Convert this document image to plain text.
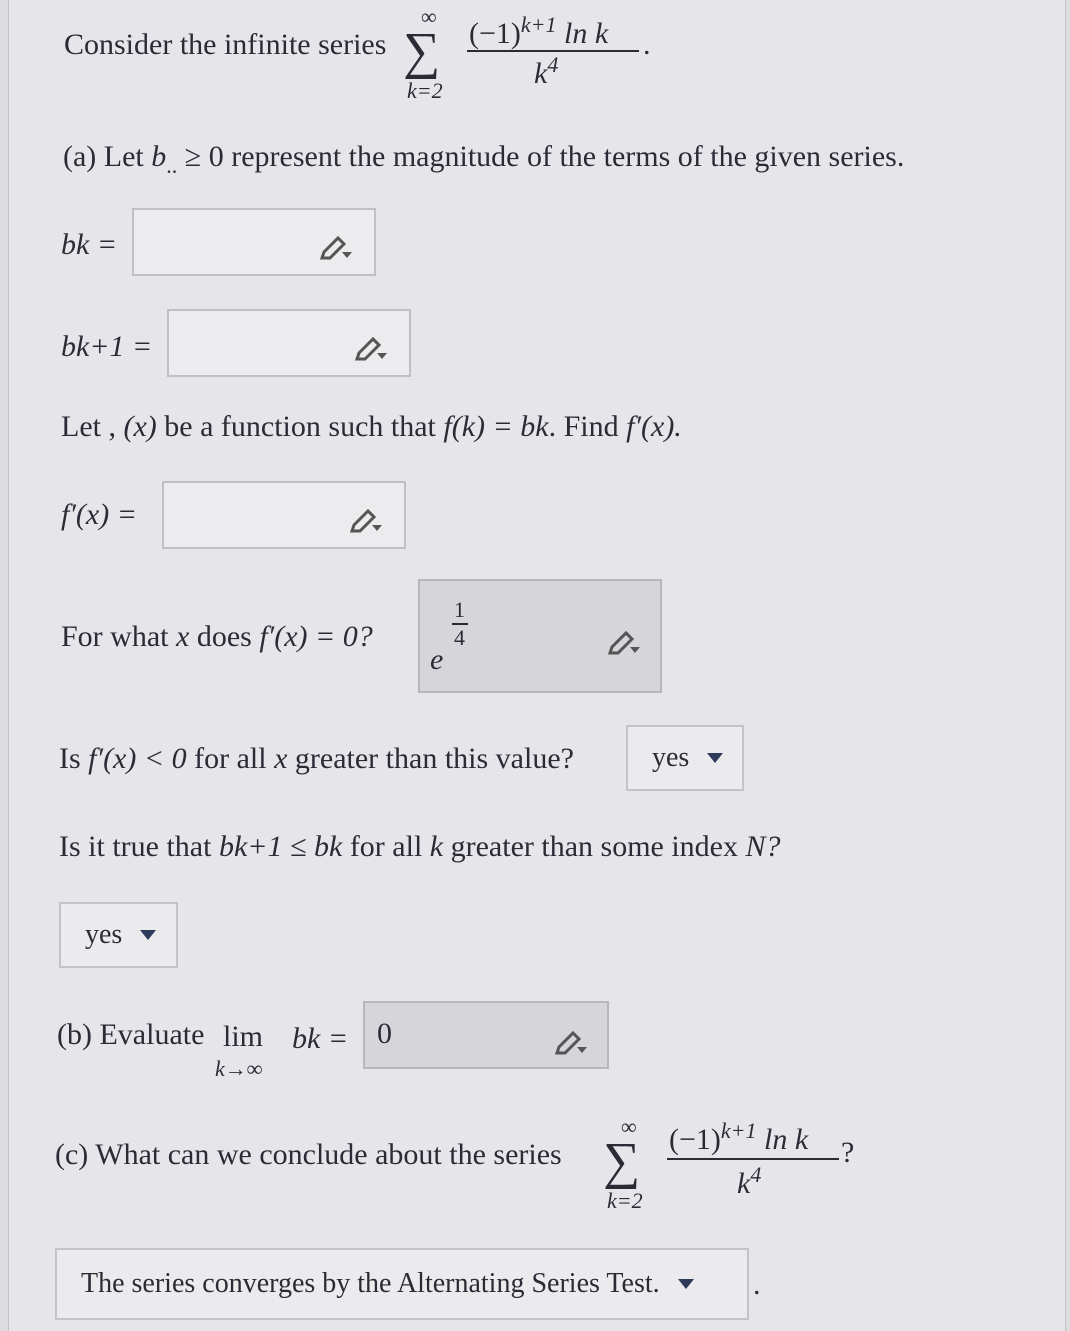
Consider the infinite series
∞
∑
k=2
$(-1)^{k+1}$ ln k
$k^4$
.
(a) Let $b_{..} \ge 0$ represent the magnitude of the terms of the given series.
bk =
bk+1 =
Let , (x) be a function such that f(k) = bk. Find f′(x).
f′(x) =
For what x does f′(x) = 0?
e
1
4
Is f′(x) < 0 for all x greater than this value?	yes
Is it true that bk+1 ≤ bk for all k greater than some index N?
yes
(b) Evaluate lim
k→∞
bk = 0
(c) What can we conclude about the series
∞
∑
k=2
$(-1)^{k+1}$ ln k
$k^4$
?
The series converges by the Alternating Series Test.	.
